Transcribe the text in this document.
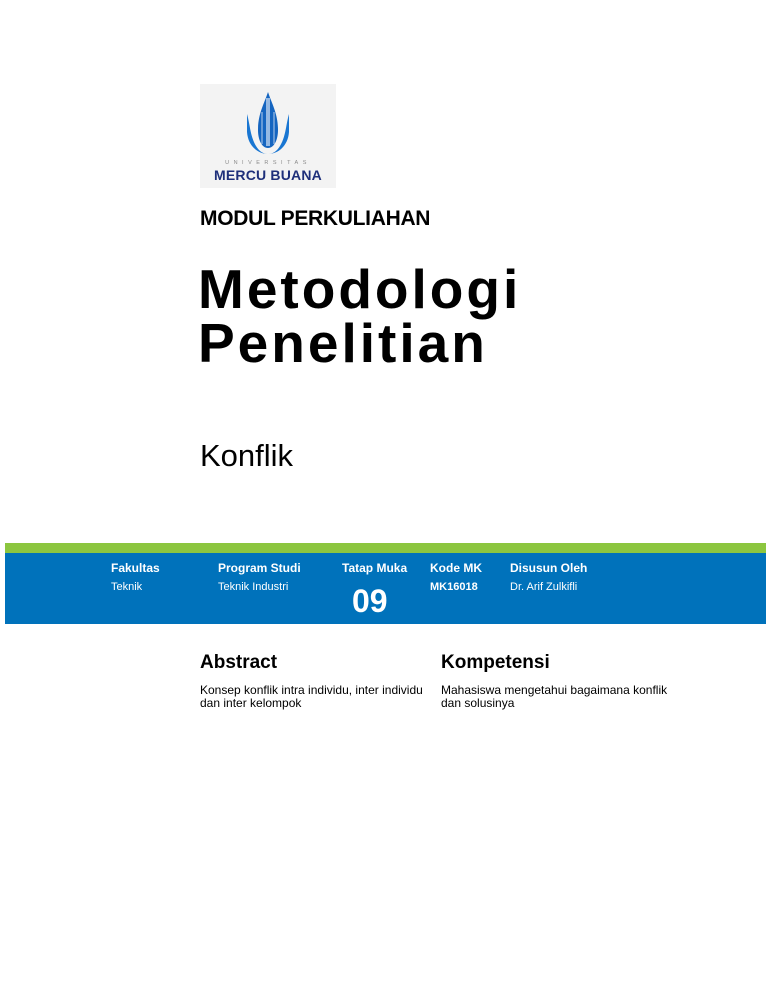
UNIVERSITAS
MERCU BUANA
MODUL PERKULIAHAN
Metodologi
Penelitian
Konflik
Fakultas
Teknik
Program Studi
Teknik Industri
Tatap Muka
09
Kode MK
MK16018
Disusun Oleh
Dr. Arif Zulkifli
Abstract
Konsep konflik intra individu, inter individu dan inter kelompok
Kompetensi
Mahasiswa mengetahui bagaimana konflik dan solusinya
